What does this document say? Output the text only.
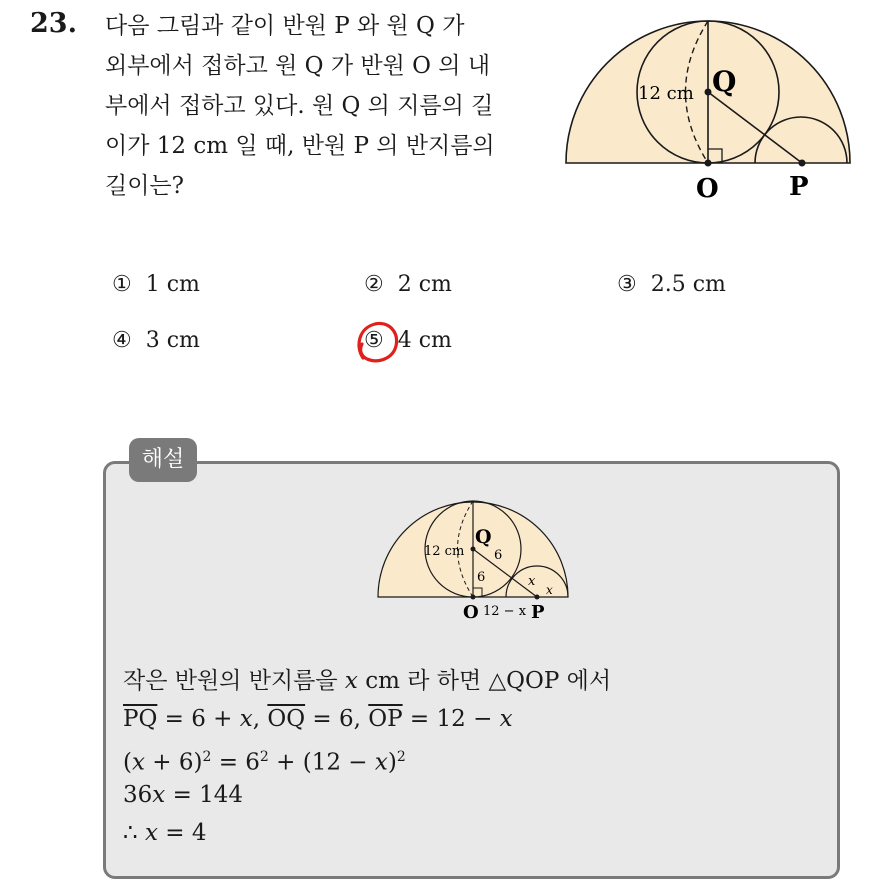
23. 다음 그림과 같이 반원 P 와 원 Q 가
외부에서 접하고 원 Q 가 반원 O 의 내
부에서 접하고 있다. 원 Q 의 지름의 길
이가 12 cm 일 때, 반원 P 의 반지름의
길이는?
12 cm Q
O	P
① 1 cm	② 2 cm	③ 2.5 cm
④ 3 cm	⑤ 4 cm
해설
12 cm
Q
6
6	x
x
O 12 − x P
작은 반원의 반지름을 x cm 라 하면 △QOP 에서
$\overline{PQ} = 6 + x$, $\overline{OQ} = 6$, $\overline{OP} = 12 - x$
$(x + 6)^2 = 6^2 + (12 - x)^2$
36x = 144
∴ x = 4
